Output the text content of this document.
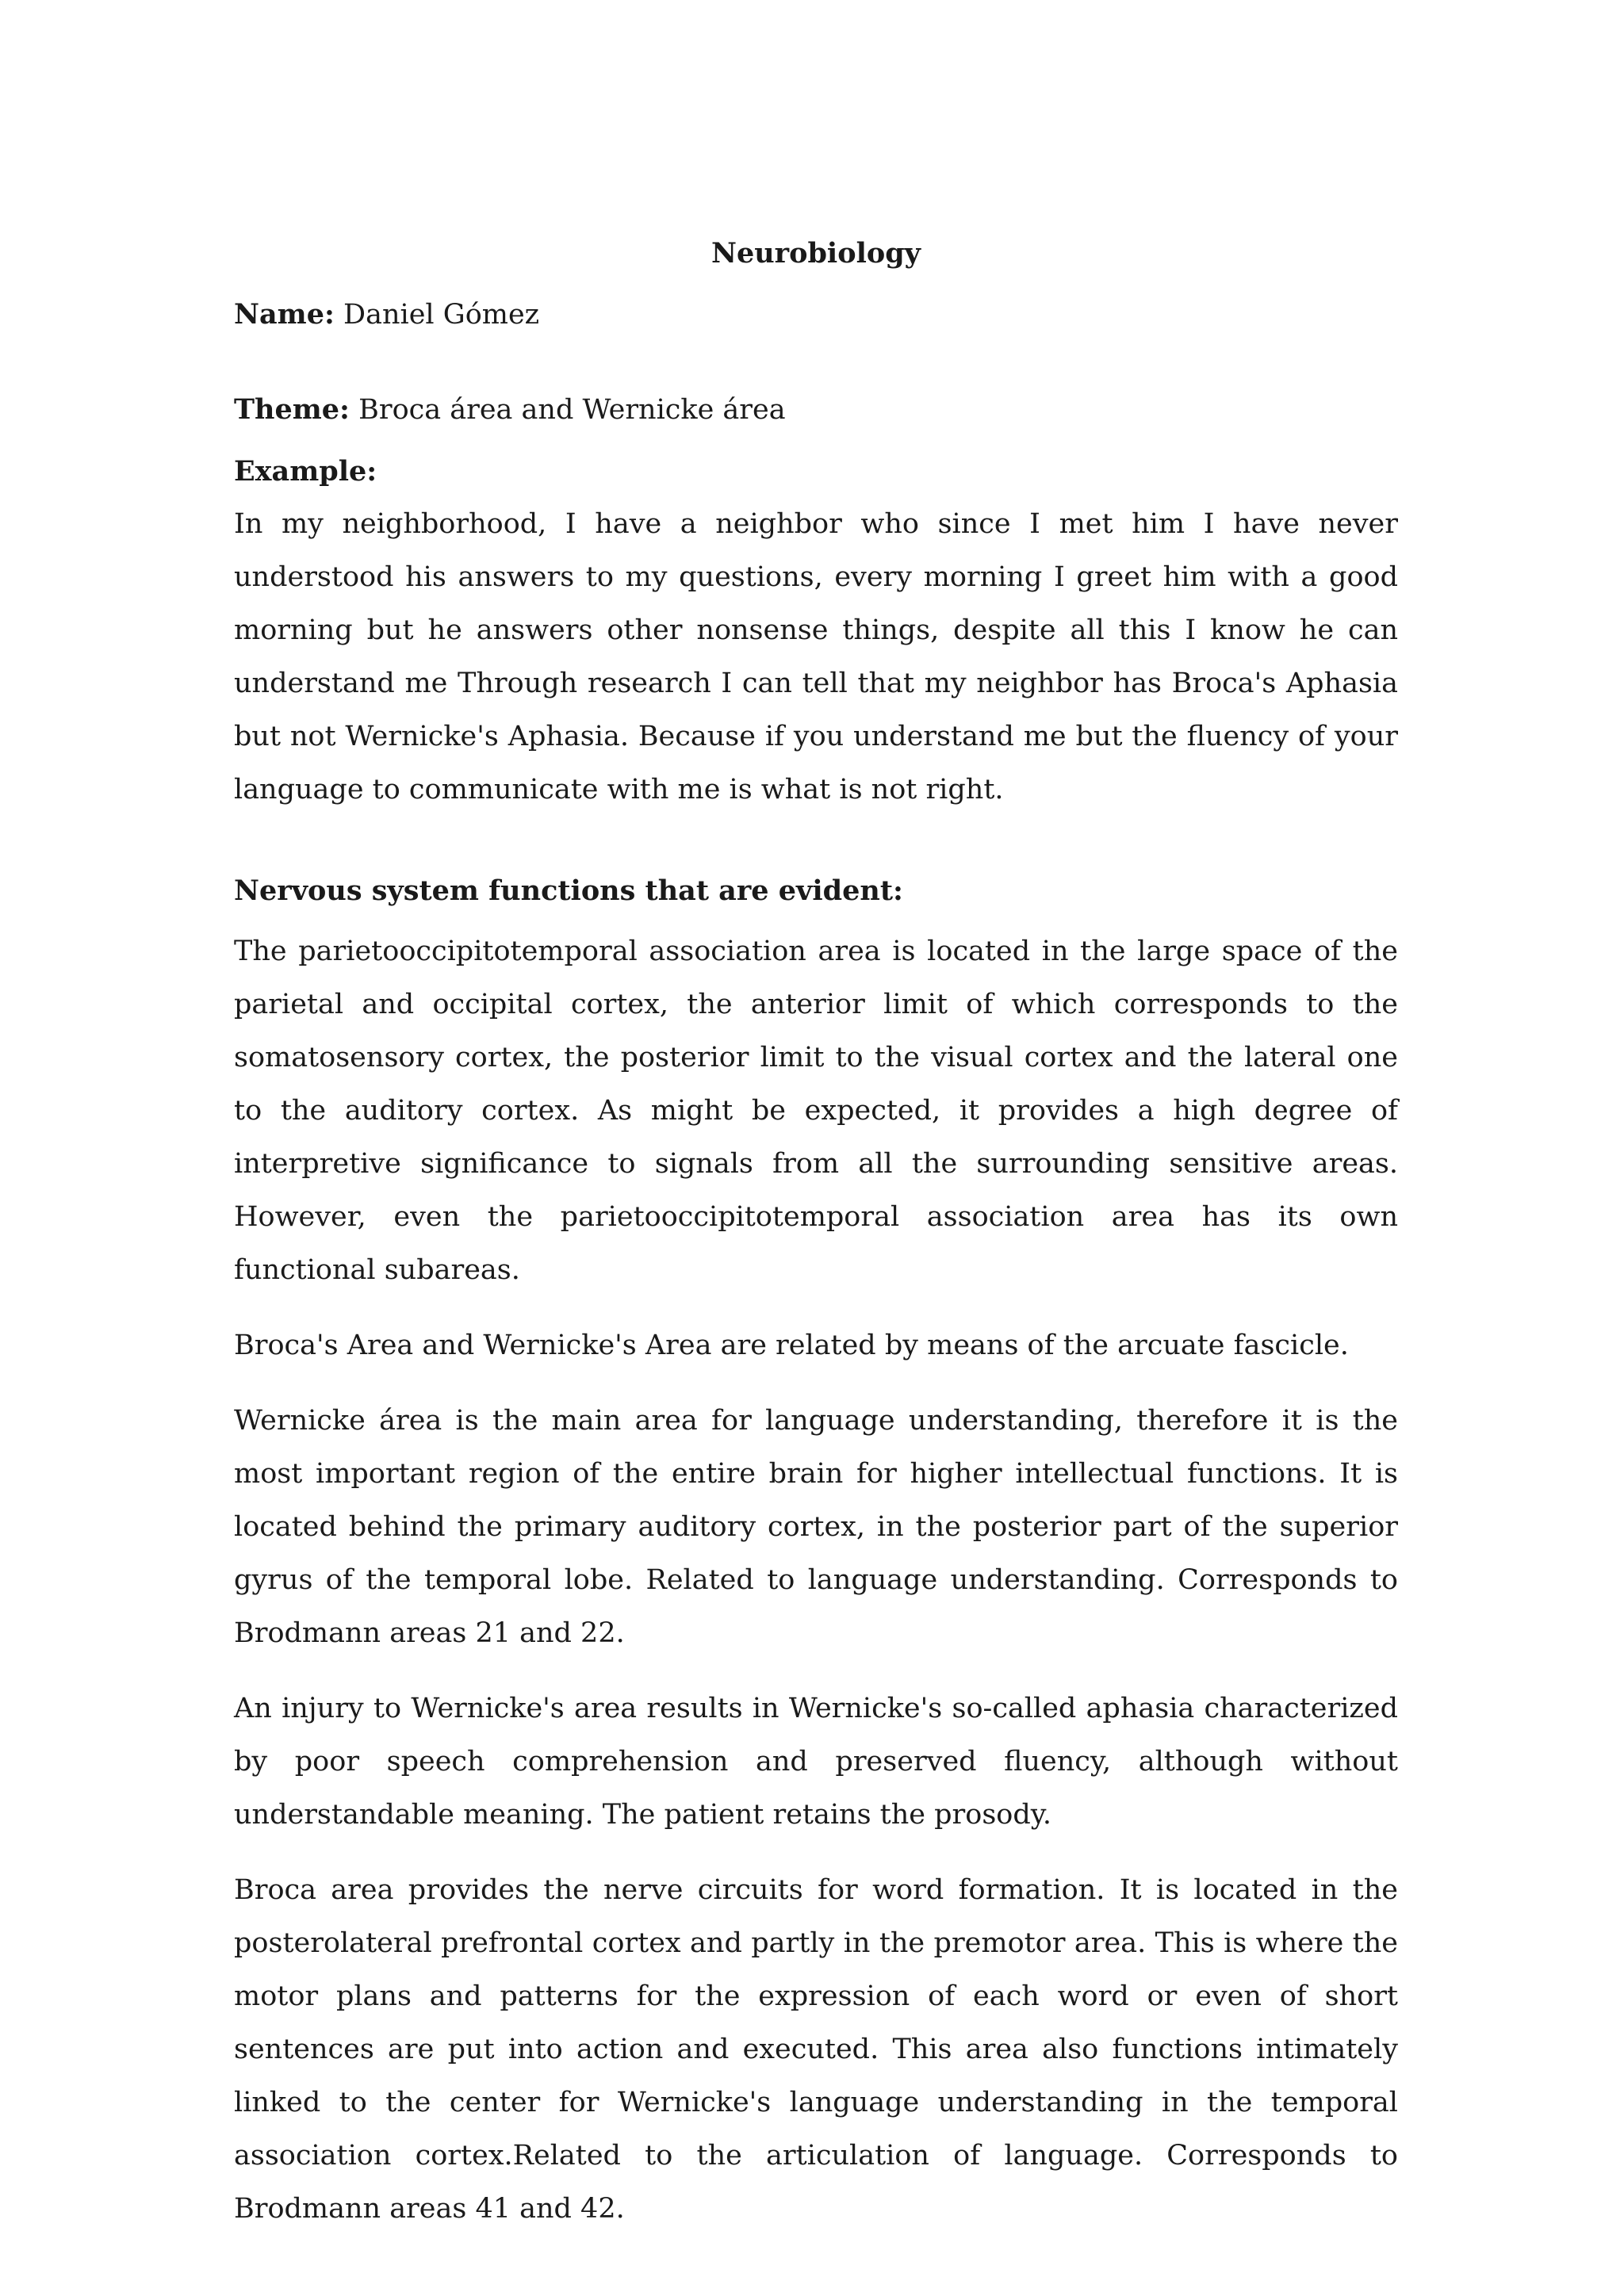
Neurobiology

Name: Daniel Gómez

Theme: Broca área and Wernicke área

Example:

In my neighborhood, I have a neighbor who since I met him I have never understood his answers to my questions, every morning I greet him with a good morning but he answers other nonsense things, despite all this I know he can understand me Through research I can tell that my neighbor has Broca's Aphasia but not Wernicke's Aphasia. Because if you understand me but the fluency of your language to communicate with me is what is not right.

Nervous system functions that are evident:

The parietooccipitotemporal association area is located in the large space of the parietal and occipital cortex, the anterior limit of which corresponds to the somatosensory cortex, the posterior limit to the visual cortex and the lateral one to the auditory cortex. As might be expected, it provides a high degree of interpretive significance to signals from all the surrounding sensitive areas. However, even the parietooccipitotemporal association area has its own functional subareas.

Broca's Area and Wernicke's Area are related by means of the arcuate fascicle.

Wernicke área is the main area for language understanding, therefore it is the most important region of the entire brain for higher intellectual functions. It is located behind the primary auditory cortex, in the posterior part of the superior gyrus of the temporal lobe. Related to language understanding. Corresponds to Brodmann areas 21 and 22.

An injury to Wernicke's area results in Wernicke's so-called aphasia characterized by poor speech comprehension and preserved fluency, although without understandable meaning. The patient retains the prosody.

Broca area provides the nerve circuits for word formation. It is located in the posterolateral prefrontal cortex and partly in the premotor area. This is where the motor plans and patterns for the expression of each word or even of short sentences are put into action and executed. This area also functions intimately linked to the center for Wernicke's language understanding in the temporal association cortex.Related to the articulation of language. Corresponds to Brodmann areas 41 and 42.
